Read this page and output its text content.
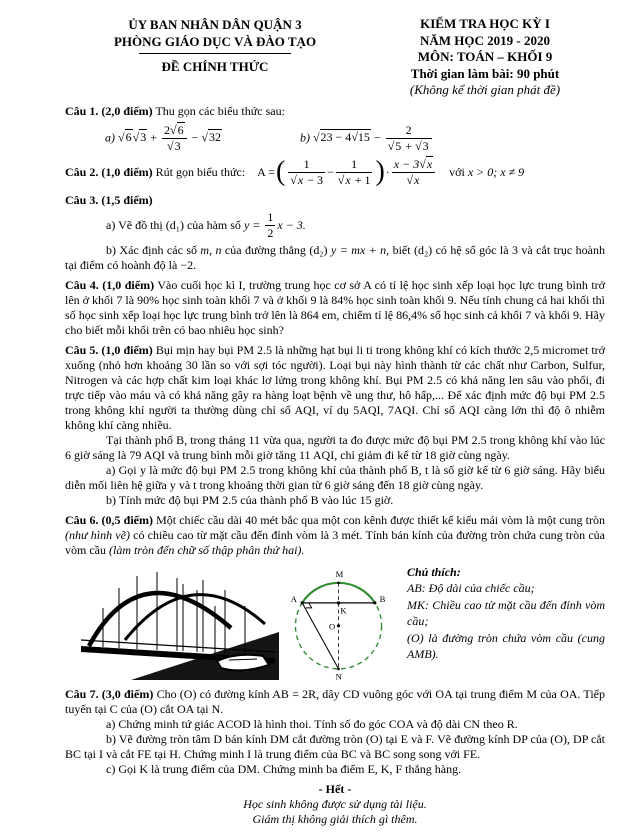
ỦY BAN NHÂN DÂN QUẬN 3
PHÒNG GIÁO DỤC VÀ ĐÀO TẠO
ĐỀ CHÍNH THỨC
KIỂM TRA HỌC KỲ I
NĂM HỌC 2019 - 2020
MÔN: TOÁN – KHỐI 9
Thời gian làm bài: 90 phút
(Không kể thời gian phát đề)

Câu 1. (2,0 điểm) Thu gọn các biểu thức sau:

a) $√6√3 + \frac{2√6}{√3} - √32$	b) $√23 - 4√15 - \frac{2}{√5 + √3}$
Câu 2. (1,0 điểm) Rút gọn biểu thức: A = ( $\frac{1}{√x - 3} - \frac{1}{√x + 1}$ ) · $\frac{x - 3√x}{√x}$ với x > 0; x ≠ 9

Câu 3. (1,5 điểm)

a) Vẽ đồ thị (d₁) của hàm số $y = \frac{1}{2}$ x − 3.

b) Xác định các số m, n của đường thẳng (d₂) y = mx + n, biết (d₂) có hệ số góc là 3 và cắt trục hoành tại điểm có hoành độ là −2.

Câu 4. (1,0 điểm) Vào cuối học kì I, trường trung học cơ sở A có tỉ lệ học sinh xếp loại học lực trung bình trở lên ở khối 7 là 90% học sinh toàn khối 7 và ở khối 9 là 84% học sinh toàn khối 9. Nếu tính chung cả hai khối thì số học sinh xếp loại học lực trung bình trở lên là 864 em, chiếm tỉ lệ 86,4% số học sinh cả khối 7 và khối 9. Hãy cho biết mỗi khối trên có bao nhiêu học sinh?

Câu 5. (1,0 điểm) Bụi mịn hay bụi PM 2.5 là những hạt bụi li ti trong không khí có kích thước 2,5 micromet trở xuống (nhỏ hơn khoảng 30 lần so với sợi tóc người). Loại bụi này hình thành từ các chất như Carbon, Sulfur, Nitrogen và các hợp chất kim loại khác lơ lửng trong không khí. Bụi PM 2.5 có khả năng len sâu vào phổi, đi trực tiếp vào máu và có khả năng gây ra hàng loạt bệnh về ung thư, hô hấp,... Để xác định mức độ bụi PM 2.5 trong không khí người ta thường dùng chỉ số AQI, ví dụ 5AQI, 7AQI. Chỉ số AQI càng lớn thì độ ô nhiễm không khí càng nhiều.

Tại thành phố B, trong tháng 11 vừa qua, người ta đo được mức độ bụi PM 2.5 trong không khí vào lúc 6 giờ sáng là 79 AQI và trung bình mỗi giờ tăng 11 AQI, chỉ giảm đi kể từ 18 giờ cùng ngày.

a) Gọi y là mức độ bụi PM 2.5 trong không khí của thành phố B, t là số giờ kể từ 6 giờ sáng. Hãy biểu diễn mối liên hệ giữa y và t trong khoảng thời gian từ 6 giờ sáng đến 18 giờ cùng ngày.

b) Tính mức độ bụi PM 2.5 của thành phố B vào lúc 15 giờ.

Câu 6. (0,5 điểm) Một chiếc cầu dài 40 mét bắc qua một con kênh được thiết kế kiểu mái vòm là một cung tròn (như hình vẽ) có chiều cao từ mặt cầu đến đỉnh vòm là 3 mét. Tính bán kính của đường tròn chứa cung tròn của vòm cầu (làm tròn đến chữ số thập phân thứ hai).

M
A	B
K
O
N
Chú thích:
AB: Độ dài của chiếc cầu;
MK: Chiều cao từ mặt cầu đến đỉnh vòm cầu;
(O) là đường tròn chứa vòm cầu (cung AMB).

Câu 7. (3,0 điểm) Cho (O) có đường kính AB = 2R, dây CD vuông góc với OA tại trung điểm M của OA. Tiếp tuyến tại C của (O) cắt OA tại N.

a) Chứng minh tứ giác ACOD là hình thoi. Tính số đo góc COA và độ dài CN theo R.

b) Vẽ đường tròn tâm D bán kính DM cắt đường tròn (O) tại E và F. Vẽ đường kính DP của (O), DP cắt BC tại I và cắt FE tại H. Chứng minh I là trung điểm của BC và BC song song với FE.

c) Gọi K là trung điểm của DM. Chứng minh ba điểm E, K, F thẳng hàng.

- Hết -
Học sinh không được sử dụng tài liệu.
Giám thị không giải thích gì thêm.
